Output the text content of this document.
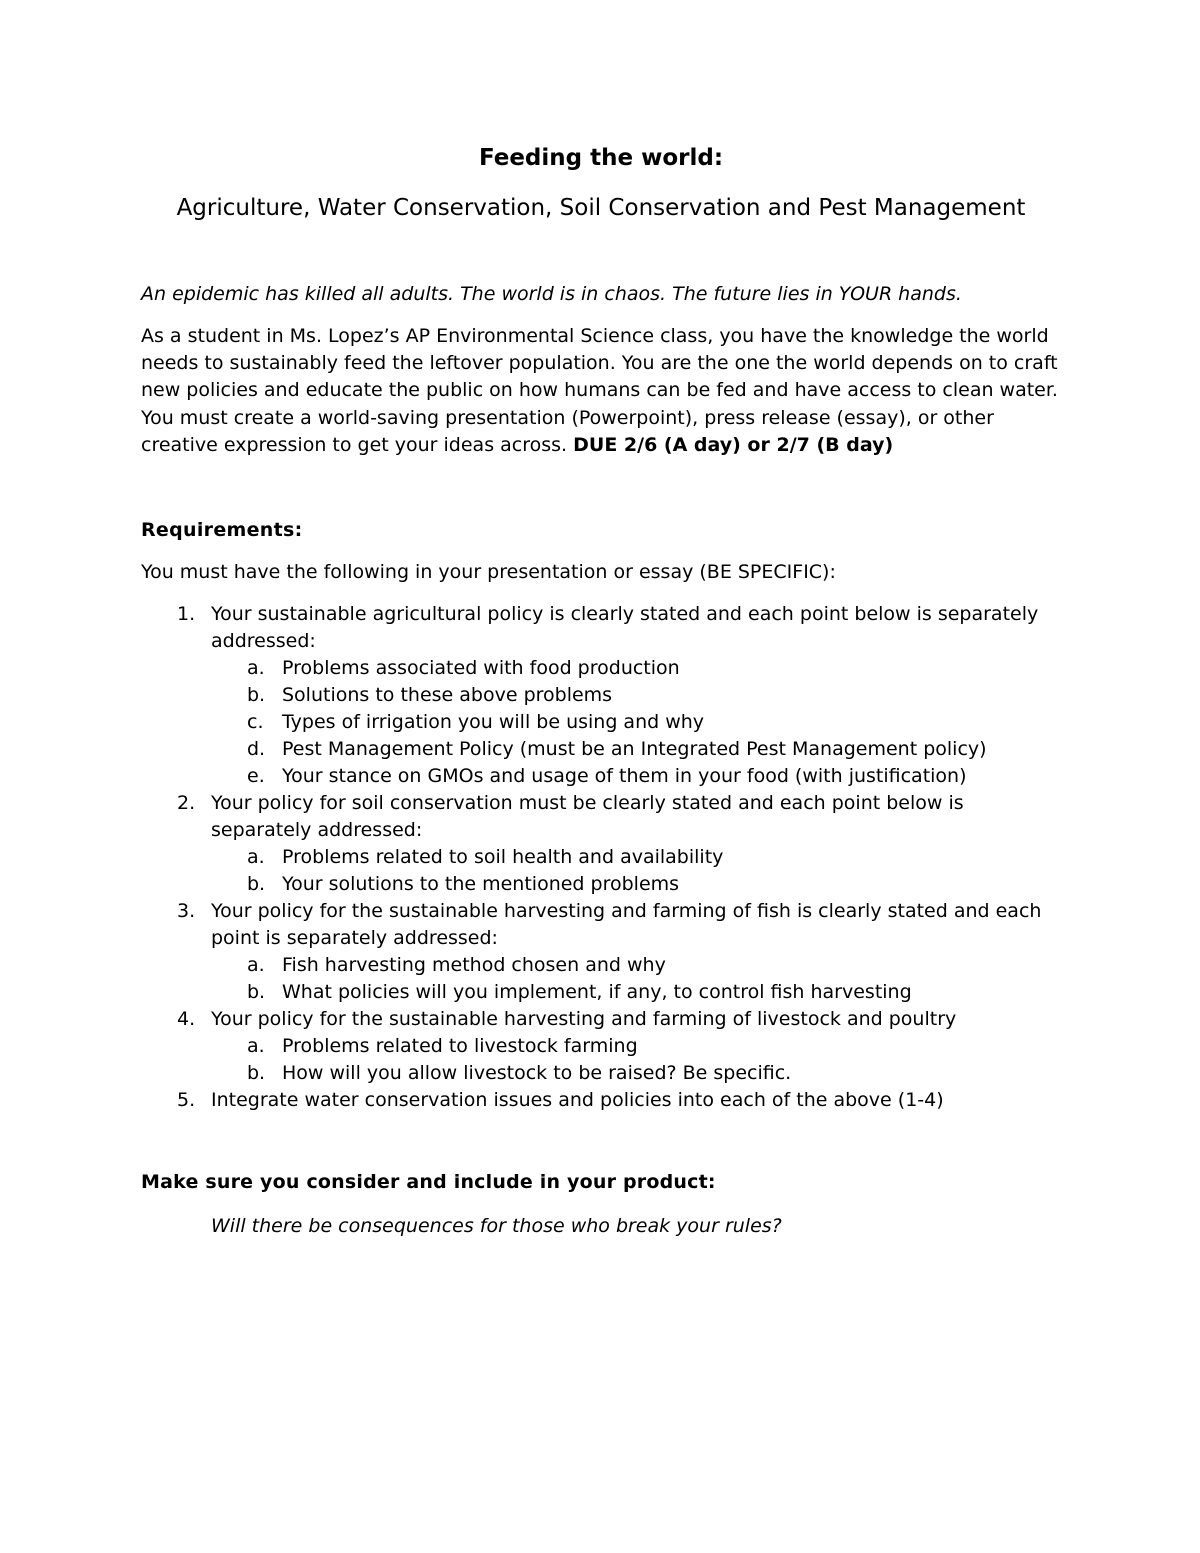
Feeding the world:
Agriculture, Water Conservation, Soil Conservation and Pest Management

An epidemic has killed all adults. The world is in chaos. The future lies in YOUR hands.

As a student in Ms. Lopez’s AP Environmental Science class, you have the knowledge the world needs to sustainably feed the leftover population. You are the one the world depends on to craft new policies and educate the public on how humans can be fed and have access to clean water. You must create a world-saving presentation (Powerpoint), press release (essay), or other creative expression to get your ideas across. DUE 2/6 (A day) or 2/7 (B day)

Requirements:
You must have the following in your presentation or essay (BE SPECIFIC):
1. Your sustainable agricultural policy is clearly stated and each point below is separately addressed:
a. Problems associated with food production
b. Solutions to these above problems
c. Types of irrigation you will be using and why
d. Pest Management Policy (must be an Integrated Pest Management policy)
e. Your stance on GMOs and usage of them in your food (with justification)
2. Your policy for soil conservation must be clearly stated and each point below is separately addressed:
a. Problems related to soil health and availability
b. Your solutions to the mentioned problems
3. Your policy for the sustainable harvesting and farming of fish is clearly stated and each point is separately addressed:
a. Fish harvesting method chosen and why
b. What policies will you implement, if any, to control fish harvesting
4. Your policy for the sustainable harvesting and farming of livestock and poultry
a. Problems related to livestock farming
b. How will you allow livestock to be raised? Be specific.
5. Integrate water conservation issues and policies into each of the above (1-4)
Make sure you consider and include in your product:
Will there be consequences for those who break your rules?
